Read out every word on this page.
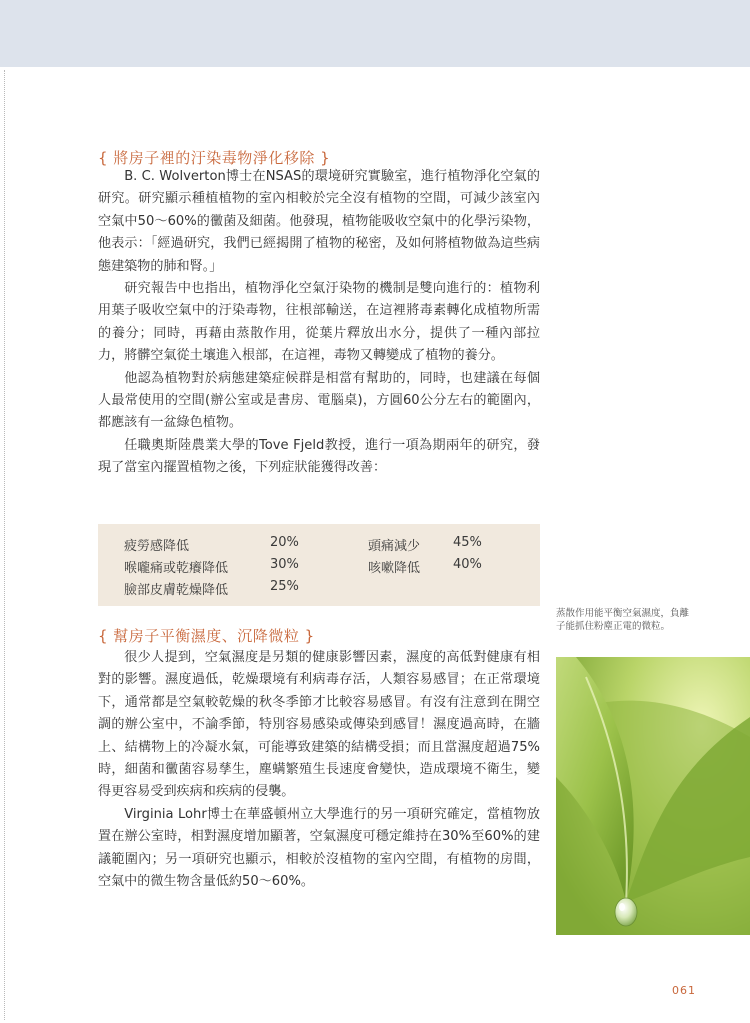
{ 將房子裡的汙染毒物淨化移除 }

B. C. Wolverton博士在NSAS的環境研究實驗室，進行植物淨化空氣的研究。研究顯示種植植物的室內相較於完全沒有植物的空間，可減少該室內空氣中50～60%的黴菌及細菌。他發現，植物能吸收空氣中的化學污染物，他表示：「經過研究，我們已經揭開了植物的秘密，及如何將植物做為這些病態建築物的肺和腎。」

研究報告中也指出，植物淨化空氣汙染物的機制是雙向進行的：植物利用葉子吸收空氣中的汙染毒物，往根部輸送，在這裡將毒素轉化成植物所需的養分；同時，再藉由蒸散作用，從葉片釋放出水分，提供了一種內部拉力，將髒空氣從土壤進入根部，在這裡，毒物又轉變成了植物的養分。

他認為植物對於病態建築症候群是相當有幫助的，同時，也建議在每個人最常使用的空間(辦公室或是書房、電腦桌)，方圓60公分左右的範圍內，都應該有一盆綠色植物。

任職奧斯陸農業大學的Tove Fjeld教授，進行一項為期兩年的研究，發現了當室內擺置植物之後，下列症狀能獲得改善：

疲勞感降低	20%	頭痛減少	45%
喉嚨痛或乾癢降低	30%	咳嗽降低	40%
臉部皮膚乾燥降低	25%
{ 幫房子平衡濕度、沉降微粒 }

很少人提到，空氣濕度是另類的健康影響因素，濕度的高低對健康有相對的影響。濕度過低，乾燥環境有利病毒存活，人類容易感冒；在正常環境下，通常都是空氣較乾燥的秋冬季節才比較容易感冒。有沒有注意到在開空調的辦公室中，不論季節，特別容易感染或傳染到感冒！濕度過高時，在牆上、結構物上的冷凝水氣，可能導致建築的結構受損；而且當濕度超過75%時，細菌和黴菌容易孳生，塵螨繁殖生長速度會變快，造成環境不衛生，變得更容易受到疾病和疾病的侵襲。

Virginia Lohr博士在華盛頓州立大學進行的另一項研究確定，當植物放置在辦公室時，相對濕度增加顯著，空氣濕度可穩定維持在30%至60%的建議範圍內；另一項研究也顯示，相較於沒植物的室內空間，有植物的房間，空氣中的微生物含量低約50～60%。

蒸散作用能平衡空氣濕度，負離子能抓住粉塵正電的微粒。
061
